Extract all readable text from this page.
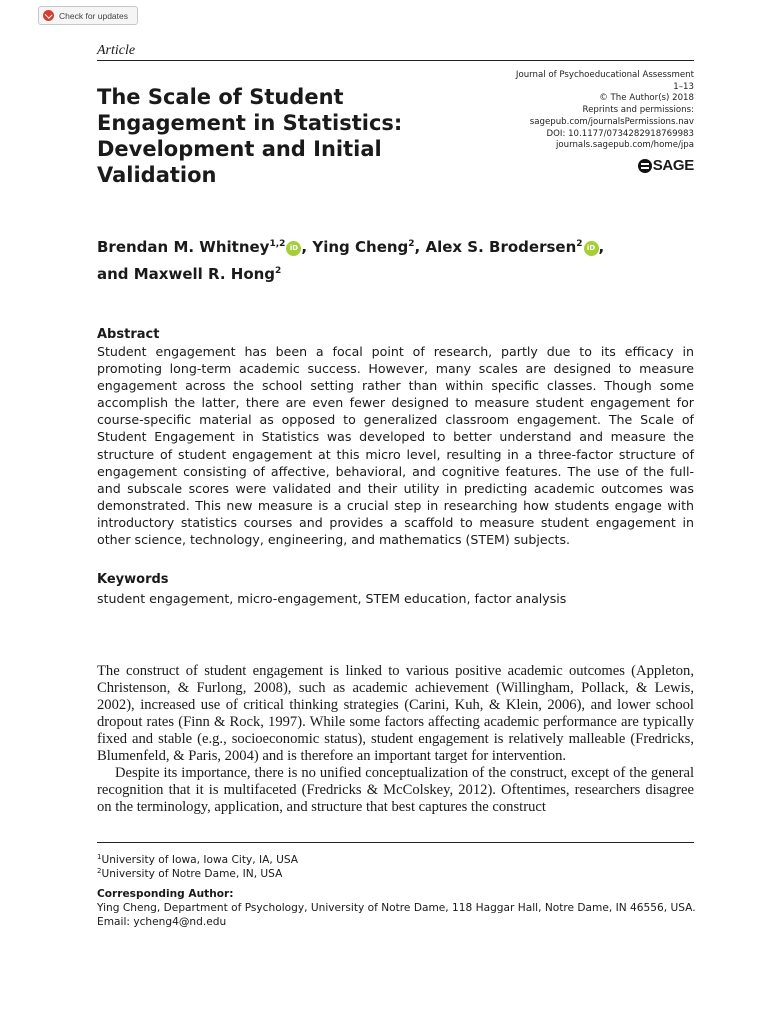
Check for updates
Article
The Scale of Student Engagement in Statistics: Development and Initial Validation
Journal of Psychoeducational Assessment
1–13
© The Author(s) 2018
Reprints and permissions:
sagepub.com/journalsPermissions.nav
DOI: 10.1177/0734282918769983
journals.sagepub.com/home/jpa
SAGE
Brendan M. Whitney$^{1,2}$ iD , Ying Cheng$^2$, Alex S. Brodersen$^2$ iD ,
and Maxwell R. Hong$^2$
Abstract

Student engagement has been a focal point of research, partly due to its efficacy in promoting long-term academic success. However, many scales are designed to measure engagement across the school setting rather than within specific classes. Though some accomplish the latter, there are even fewer designed to measure student engagement for course-specific material as opposed to generalized classroom engagement. The Scale of Student Engagement in Statistics was developed to better understand and measure the structure of student engagement at this micro level, resulting in a three-factor structure of engagement consisting of affective, behavioral, and cognitive features. The use of the full- and subscale scores were validated and their utility in predicting academic outcomes was demonstrated. This new measure is a crucial step in researching how students engage with introductory statistics courses and provides a scaffold to measure student engagement in other science, technology, engineering, and mathematics (STEM) subjects.

Keywords

student engagement, micro-engagement, STEM education, factor analysis

The construct of student engagement is linked to various positive academic outcomes (Appleton, Christenson, & Furlong, 2008), such as academic achievement (Willingham, Pollack, & Lewis, 2002), increased use of critical thinking strategies (Carini, Kuh, & Klein, 2006), and lower school dropout rates (Finn & Rock, 1997). While some factors affecting academic performance are typically fixed and stable (e.g., socioeconomic status), student engagement is relatively malleable (Fredricks, Blumenfeld, & Paris, 2004) and is therefore an important target for intervention.

Despite its importance, there is no unified conceptualization of the construct, except of the general recognition that it is multifaceted (Fredricks & McColskey, 2012). Oftentimes, researchers disagree on the terminology, application, and structure that best captures the construct

$^1$University of Iowa, Iowa City, IA, USA

$^2$University of Notre Dame, IN, USA

Corresponding Author:

Ying Cheng, Department of Psychology, University of Notre Dame, 118 Haggar Hall, Notre Dame, IN 46556, USA.

Email: ycheng4@nd.edu
